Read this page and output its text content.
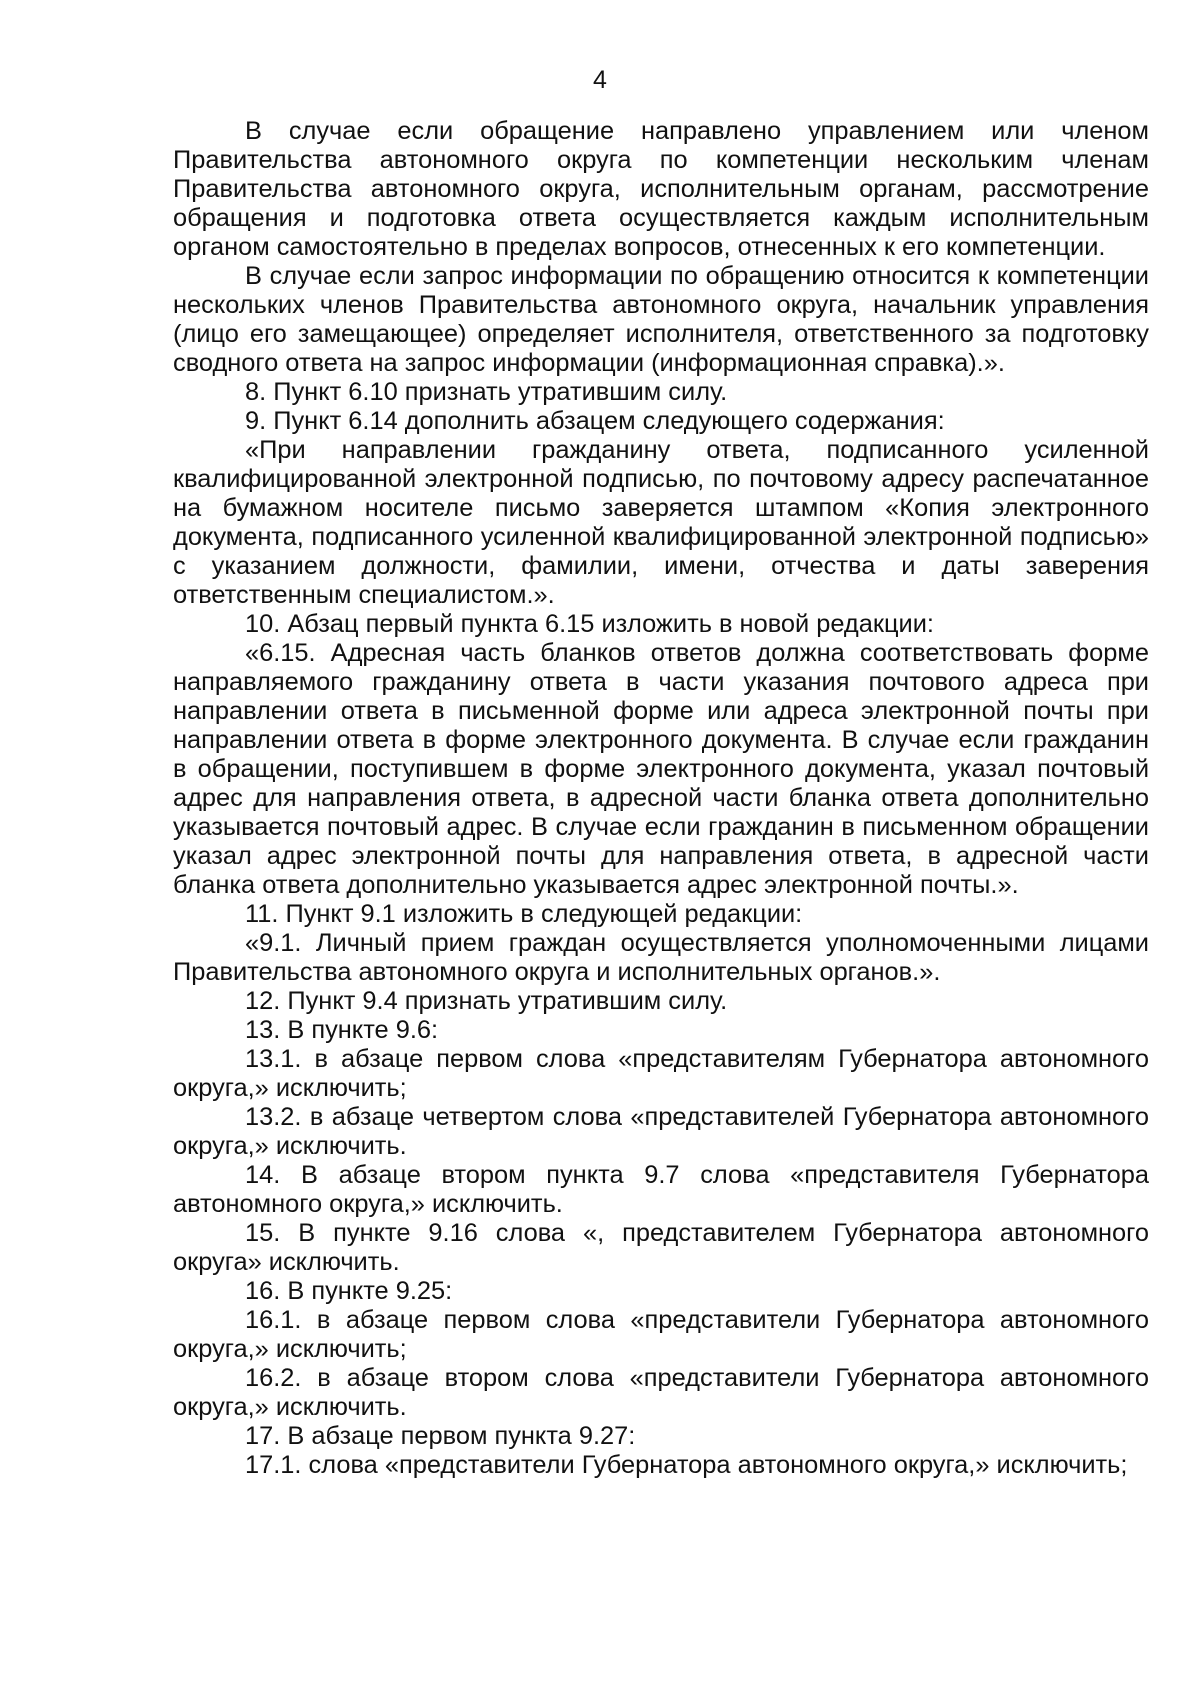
4

В случае если обращение направлено управлением или членом Правительства автономного округа по компетенции нескольким членам Правительства автономного округа, исполнительным органам, рассмотрение обращения и подготовка ответа осуществляется каждым исполнительным органом самостоятельно в пределах вопросов, отнесенных к его компетенции.

В случае если запрос информации по обращению относится к компетенции нескольких членов Правительства автономного округа, начальник управления (лицо его замещающее) определяет исполнителя, ответственного за подготовку сводного ответа на запрос информации (информационная справка).».

8. Пункт 6.10 признать утратившим силу.

9. Пункт 6.14 дополнить абзацем следующего содержания:

«При направлении гражданину ответа, подписанного усиленной квалифицированной электронной подписью, по почтовому адресу распечатанное на бумажном носителе письмо заверяется штампом «Копия электронного документа, подписанного усиленной квалифицированной электронной подписью» с указанием должности, фамилии, имени, отчества и даты заверения ответственным специалистом.».

10. Абзац первый пункта 6.15 изложить в новой редакции:

«6.15. Адресная часть бланков ответов должна соответствовать форме направляемого гражданину ответа в части указания почтового адреса при направлении ответа в письменной форме или адреса электронной почты при направлении ответа в форме электронного документа. В случае если гражданин в обращении, поступившем в форме электронного документа, указал почтовый адрес для направления ответа, в адресной части бланка ответа дополнительно указывается почтовый адрес. В случае если гражданин в письменном обращении указал адрес электронной почты для направления ответа, в адресной части бланка ответа дополнительно указывается адрес электронной почты.».

11. Пункт 9.1 изложить в следующей редакции:

«9.1. Личный прием граждан осуществляется уполномоченными лицами Правительства автономного округа и исполнительных органов.».

12. Пункт 9.4 признать утратившим силу.

13. В пункте 9.6:

13.1. в абзаце первом слова «представителям Губернатора автономного округа,» исключить;

13.2. в абзаце четвертом слова «представителей Губернатора автономного округа,» исключить.

14. В абзаце втором пункта 9.7 слова «представителя Губернатора автономного округа,» исключить.

15. В пункте 9.16 слова «, представителем Губернатора автономного округа» исключить.

16. В пункте 9.25:

16.1. в абзаце первом слова «представители Губернатора автономного округа,» исключить;

16.2. в абзаце втором слова «представители Губернатора автономного округа,» исключить.

17. В абзаце первом пункта 9.27:

17.1. слова «представители Губернатора автономного округа,» исключить;
